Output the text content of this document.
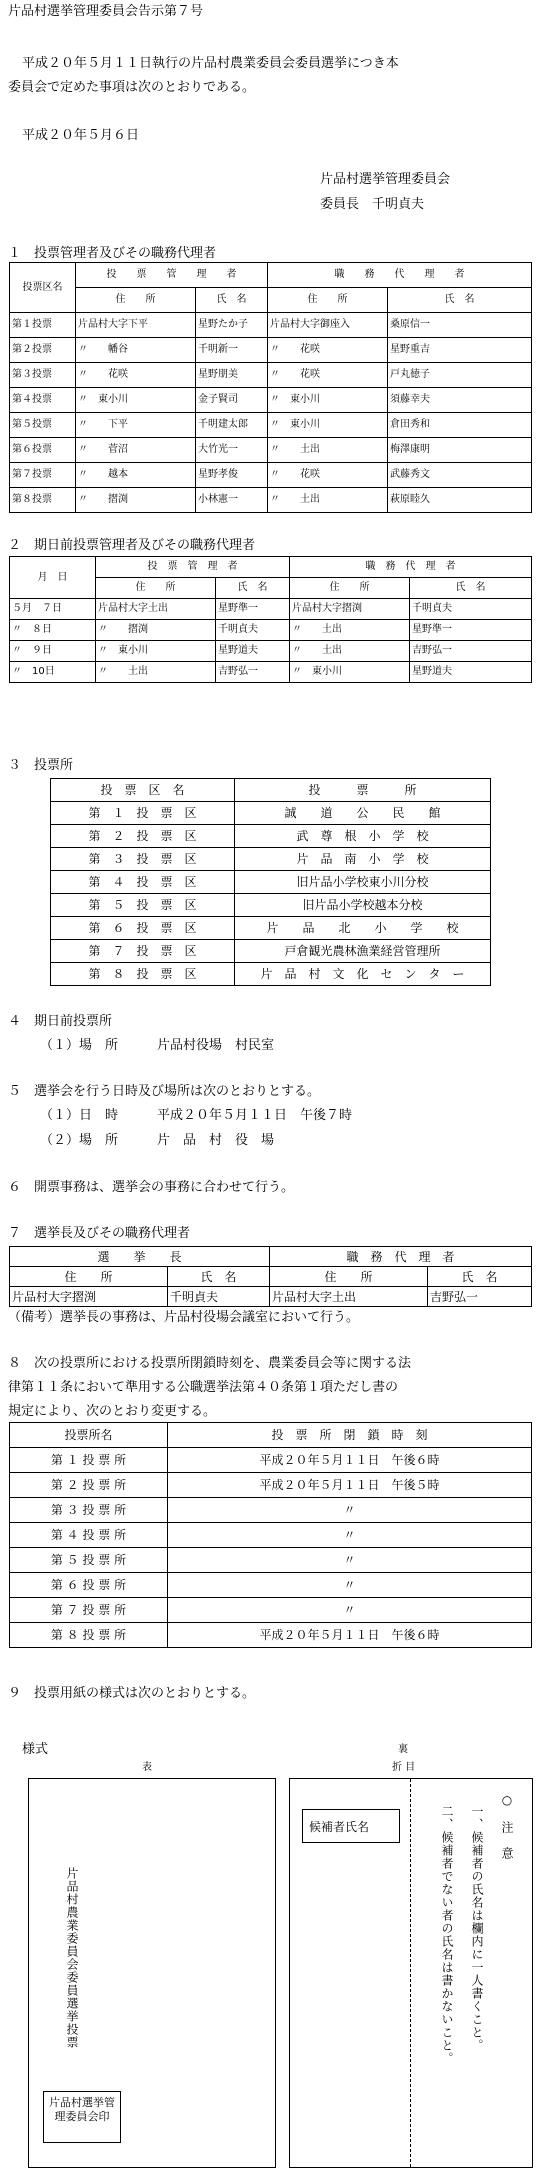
片品村選挙管理委員会告示第７号
平成２０年５月１１日執行の片品村農業委員会委員選挙につき本
委員会で定めた事項は次のとおりである。
平成２０年５月６日
片品村選挙管理委員会
委員長　千明貞夫
１　投票管理者及びその職務代理者
投票区名	投　　票　　管　　理　　者		職　　務　　代　　理　　者	
	住　　所	氏　名	住　　所	氏　名
第１投票	片品村大字下平	星野たか子	片品村大字御座入	桑原信一
第２投票	〃　　幡谷	千明新一	〃　　花咲	星野重吉
第３投票	〃　　花咲	星野朋美	〃　　花咲	戸丸徳子
第４投票	〃　東小川	金子賢司	〃　東小川	須藤幸夫
第５投票	〃　　下平	千明建太郎	〃　東小川	倉田秀和
第６投票	〃　　菅沼	大竹光一	〃　　土出	梅澤康明
第７投票	〃　　越本	星野孝俊	〃　　花咲	武藤秀文
第８投票	〃　　摺渕	小林憲一	〃　　土出	萩原睦久
２　期日前投票管理者及びその職務代理者
月　日	投　票　管　理　者		職　務　代　理　者	
	住　　所	氏　名	住　　所	氏　名
５月　７日	片品村大字土出	星野準一	片品村大字摺渕	千明貞夫
〃　８日	〃　　摺渕	千明貞夫	〃　　土出	星野準一
〃　９日	〃　東小川	星野道夫	〃　　土出	吉野弘一
〃　10日	〃　　土出	吉野弘一	〃　東小川	星野道夫
３　投票所
投　票　区　名	投　　　票　　　所
第　１　投　票　区	誠　　道　　公　　民　　館
第　２　投　票　区	武　尊　根　小　学　校
第　３　投　票　区	片　品　南　小　学　校
第　４　投　票　区	旧片品小学校東小川分校
第　５　投　票　区	旧片品小学校越本分校
第　６　投　票　区	片　　品　　北　　小　　学　　校
第　７　投　票　区	戸倉観光農林漁業経営管理所
第　８　投　票　区	片　品　村　文　化　セ　ン　タ　ー
４　期日前投票所
（１）場　所　　　片品村役場　村民室
５　選挙会を行う日時及び場所は次のとおりとする。
（１）日　時　　　平成２０年５月１１日　午後７時
（２）場　所　　　片　品　村　役　場
６　開票事務は、選挙会の事務に合わせて行う。
７　選挙長及びその職務代理者
選　　挙　　長		職　務　代　理　者	
住　　所	氏　名	住　　所	氏　名
片品村大字摺渕	千明貞夫	片品村大字土出	吉野弘一
（備考）選挙長の事務は、片品村役場会議室において行う。
８　次の投票所における投票所閉鎖時刻を、農業委員会等に関する法
律第１１条において準用する公職選挙法第４０条第１項ただし書の
規定により、次のとおり変更する。
投票所名	投　票　所　閉　鎖　時　刻
第 １ 投 票 所	平成２０年５月１１日　午後６時
第 ２ 投 票 所	平成２０年５月１１日　午後５時
第 ３ 投 票 所	〃
第 ４ 投 票 所	〃
第 ５ 投 票 所	〃
第 ６ 投 票 所	〃
第 ７ 投 票 所	〃
第 ８ 投 票 所	平成２０年５月１１日　午後６時
９　投票用紙の様式は次のとおりとする。
様式
表
裏
折 目
片品村農業委員会委員選挙投票
片品村選挙管理委員会印
候補者氏名	○　注　意
一、候補者の氏名は欄内に一人書くこと。
二、候補者でない者の氏名は書かないこと。
